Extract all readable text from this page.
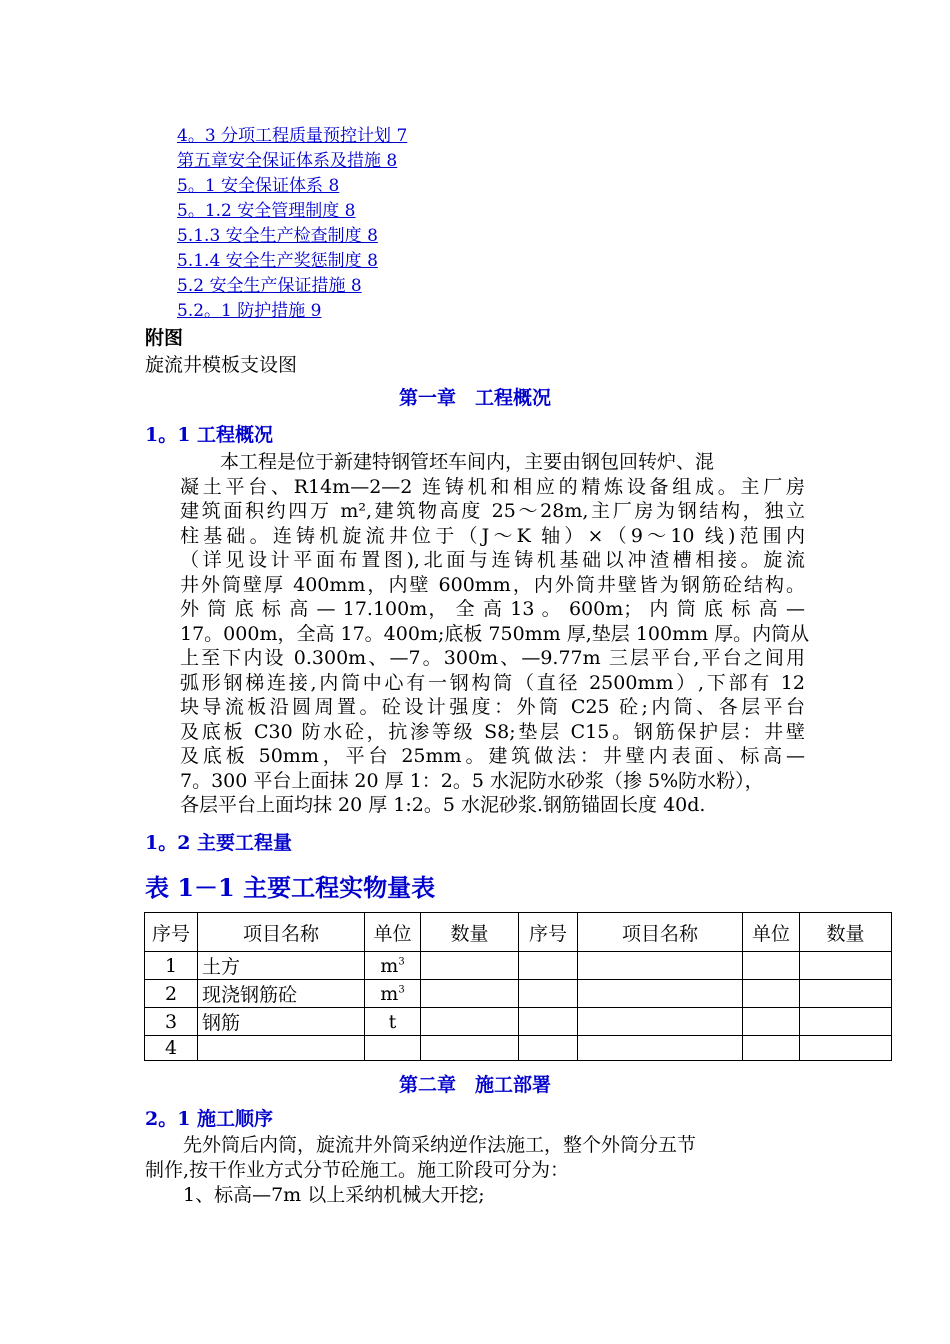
4。3 分项工程质量预控计划 7
第五章安全保证体系及措施 8
5。1 安全保证体系 8
5。1.2 安全管理制度 8
5.1.3 安全生产检查制度 8
5.1.4 安全生产奖惩制度 8
5.2 安全生产保证措施 8
5.2。1 防护措施 9
附图
旋流井模板支设图
第一章　工程概况
1。1 工程概况
本工程是位于新建特钢管坯车间内，主要由钢包回转炉、混
凝土平台、R14m—2—2 连铸机和相应的精炼设备组成。主厂房
建筑面积约四万 m²,建筑物高度 25～28m,主厂房为钢结构，独立
柱基础。连铸机旋流井位于（J～K 轴）×（9～10 线)范围内
（详见设计平面布置图),北面与连铸机基础以冲渣槽相接。旋流
井外筒壁厚 400mm，内壁 600mm，内外筒井壁皆为钢筋砼结构。
外 筒 底 标 高 — 17.100m， 全 高 13 。 600m； 内 筒 底 标 高 —
17。000m，全高 17。400m;底板 750mm 厚,垫层 100mm 厚。内筒从
上至下内设 0.300m、—7。300m、—9.77m 三层平台,平台之间用
弧形钢梯连接,内筒中心有一钢构筒（直径 2500mm）,下部有 12
块导流板沿圆周置。砼设计强度：外筒 C25 砼;内筒、各层平台
及底板 C30 防水砼，抗渗等级 S8;垫层 C15。钢筋保护层：井壁
及底板 50mm，平台 25mm。建筑做法：井壁内表面、标高—
7。300 平台上面抹 20 厚 1：2。5 水泥防水砂浆（掺 5%防水粉），
各层平台上面均抹 20 厚 1:2。5 水泥砂浆.钢筋锚固长度 40d.
1。2 主要工程量
表 1－1 主要工程实物量表
序号	项目名称	单位	数量	序号	项目名称	单位	数量
1	土方	$m^3$					
2	现浇钢筋砼	$m^3$					
3	钢筋	t					
4							
第二章　施工部署
2。1 施工顺序
先外筒后内筒，旋流井外筒采纳逆作法施工，整个外筒分五节
制作,按干作业方式分节砼施工。施工阶段可分为：
1、标高—7m 以上采纳机械大开挖;
